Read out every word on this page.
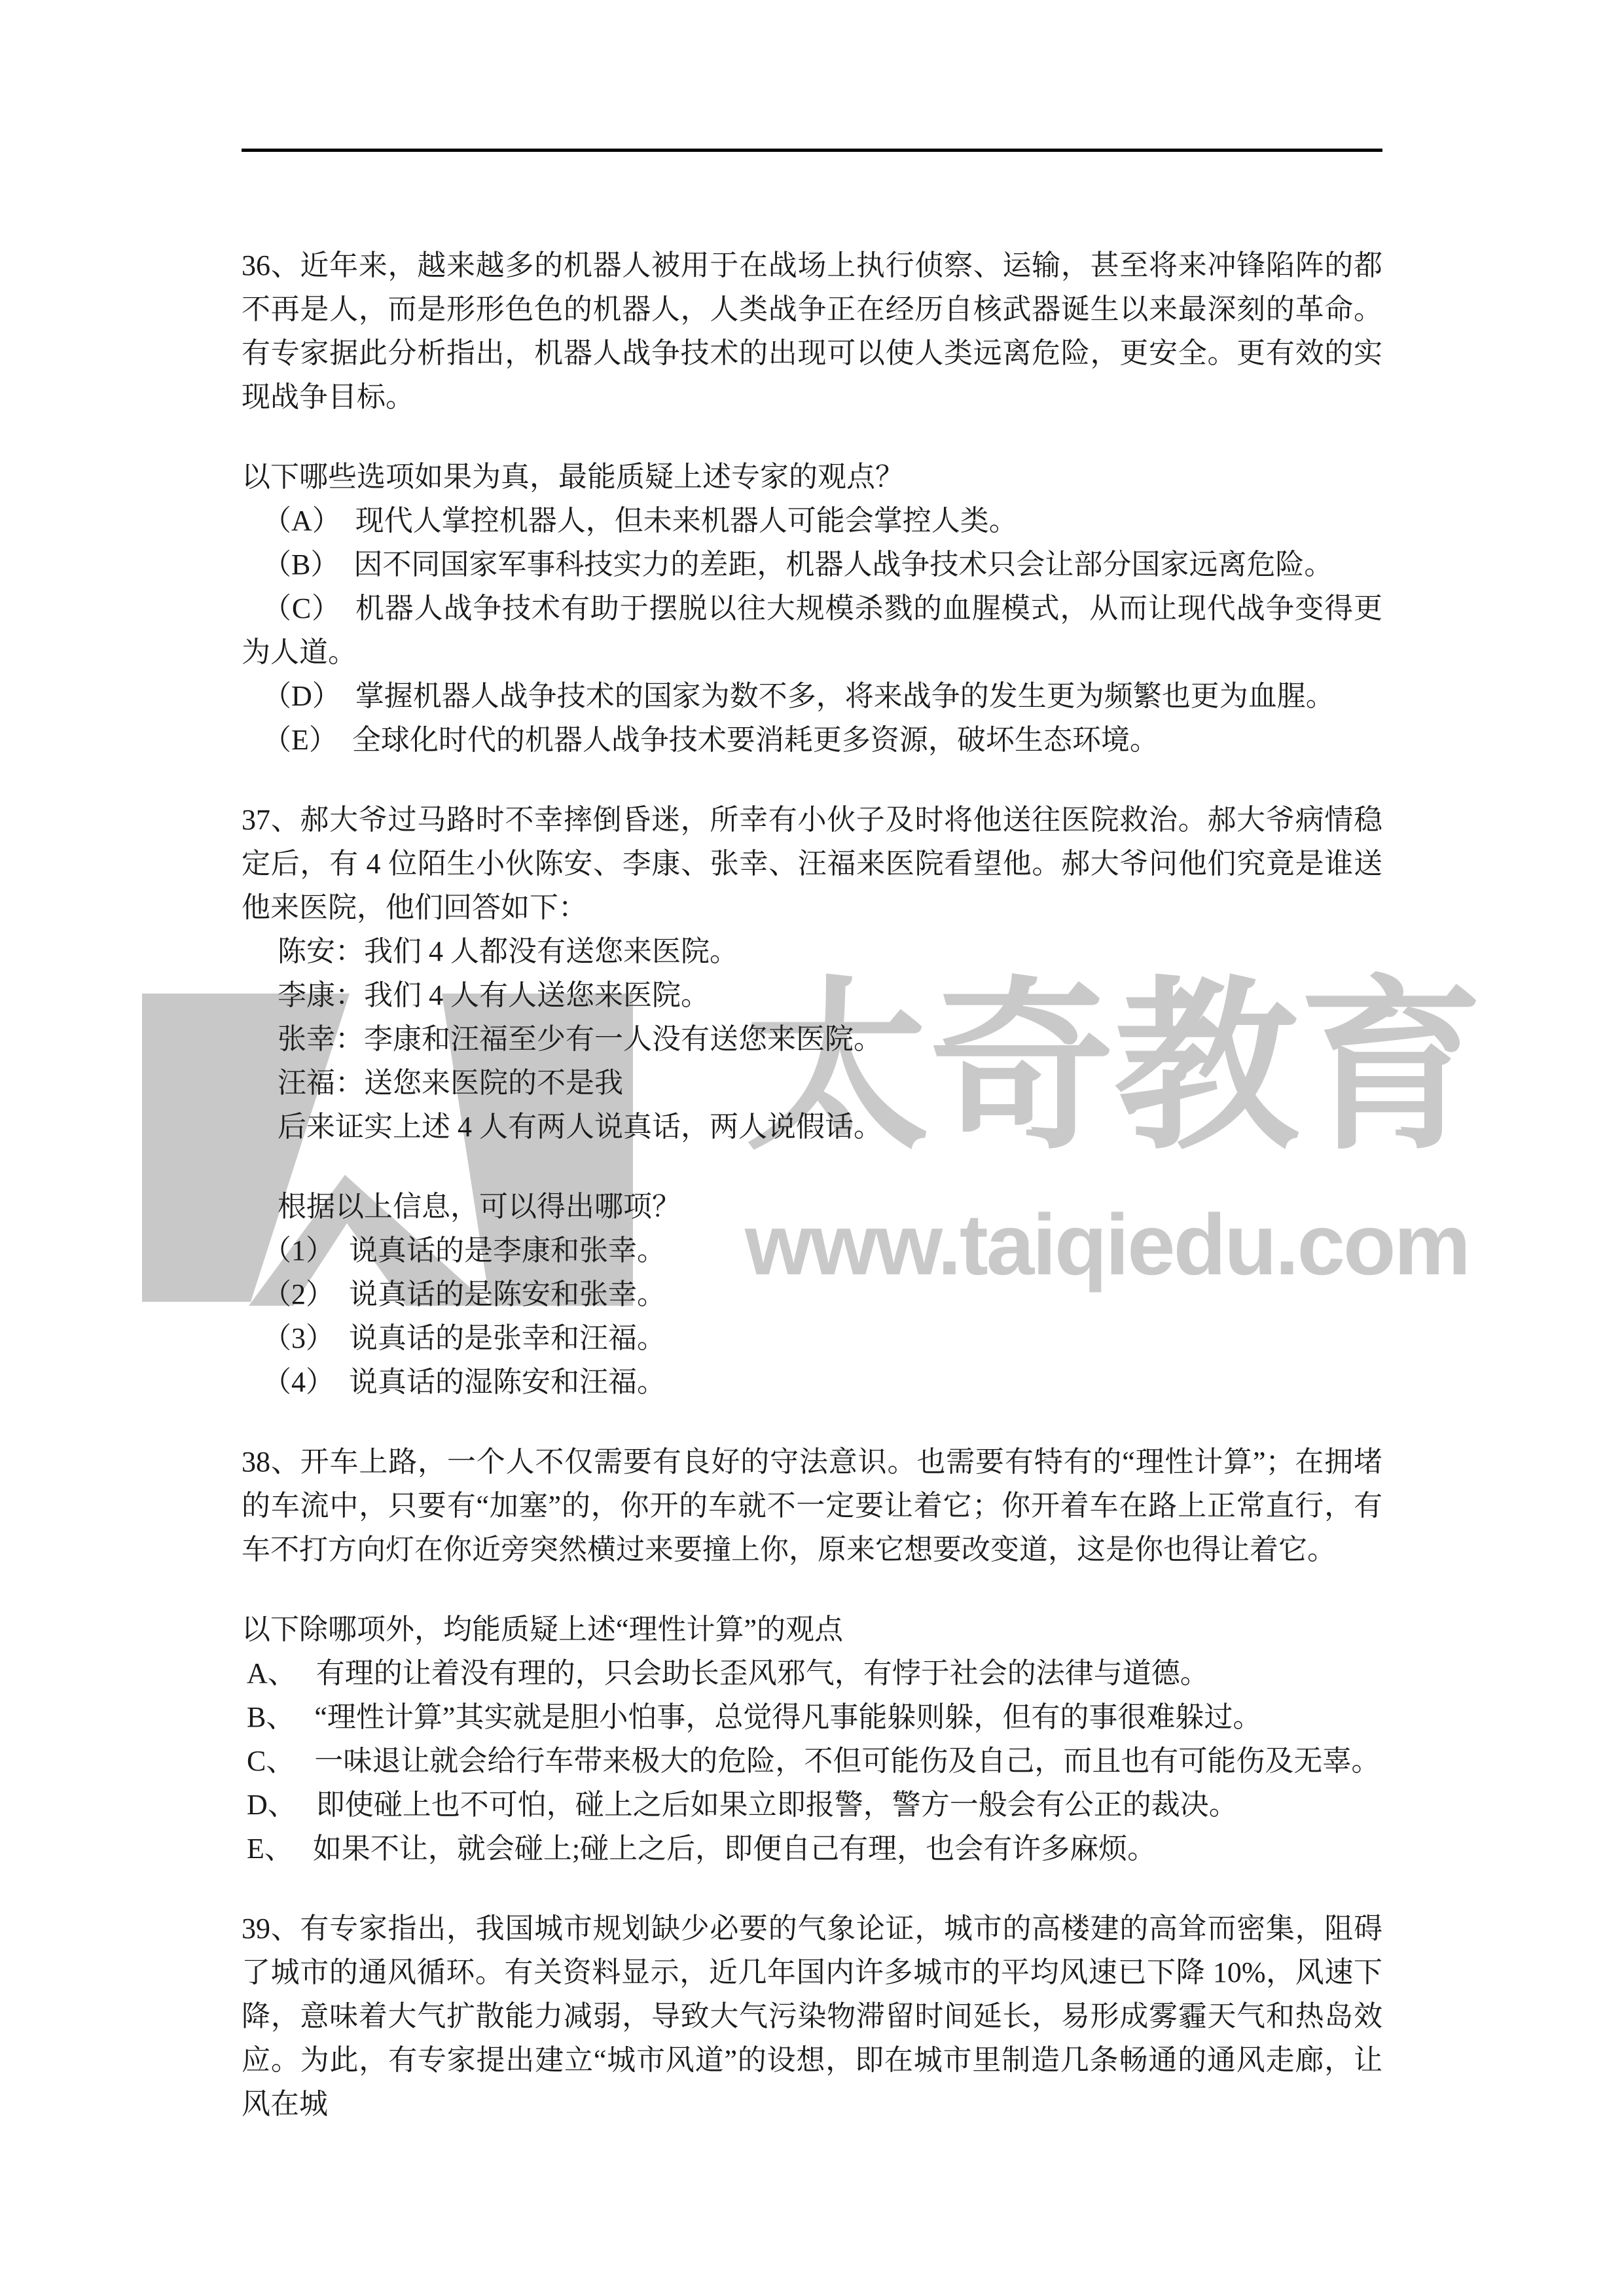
太奇教育
www.taiqiedu.com
36、近年来，越来越多的机器人被用于在战场上执行侦察、运输，甚至将来冲锋陷阵的都不再是人，而是形形色色的机器人，人类战争正在经历自核武器诞生以来最深刻的革命。有专家据此分析指出，机器人战争技术的出现可以使人类远离危险，更安全。更有效的实现战争目标。
以下哪些选项如果为真，最能质疑上述专家的观点？
（A） 现代人掌控机器人，但未来机器人可能会掌控人类。
（B） 因不同国家军事科技实力的差距，机器人战争技术只会让部分国家远离危险。
（C） 机器人战争技术有助于摆脱以往大规模杀戮的血腥模式，从而让现代战争变得更为人道。
（D） 掌握机器人战争技术的国家为数不多，将来战争的发生更为频繁也更为血腥。
（E） 全球化时代的机器人战争技术要消耗更多资源，破坏生态环境。
37、郝大爷过马路时不幸摔倒昏迷，所幸有小伙子及时将他送往医院救治。郝大爷病情稳定后，有 4 位陌生小伙陈安、李康、张幸、汪福来医院看望他。郝大爷问他们究竟是谁送他来医院，他们回答如下：
陈安：我们 4 人都没有送您来医院。
李康：我们 4 人有人送您来医院。
张幸：李康和汪福至少有一人没有送您来医院。
汪福：送您来医院的不是我
后来证实上述 4 人有两人说真话，两人说假话。
根据以上信息，可以得出哪项？
（1） 说真话的是李康和张幸。
（2） 说真话的是陈安和张幸。
（3） 说真话的是张幸和汪福。
（4） 说真话的湿陈安和汪福。
38、开车上路，一个人不仅需要有良好的守法意识。也需要有特有的“理性计算”；在拥堵的车流中，只要有“加塞”的，你开的车就不一定要让着它；你开着车在路上正常直行，有车不打方向灯在你近旁突然横过来要撞上你，原来它想要改变道，这是你也得让着它。
以下除哪项外，均能质疑上述“理性计算”的观点
A、 有理的让着没有理的，只会助长歪风邪气，有悖于社会的法律与道德。
B、 “理性计算”其实就是胆小怕事，总觉得凡事能躲则躲，但有的事很难躲过。
C、 一味退让就会给行车带来极大的危险，不但可能伤及自己，而且也有可能伤及无辜。
D、 即使碰上也不可怕，碰上之后如果立即报警，警方一般会有公正的裁决。
E、 如果不让，就会碰上;碰上之后，即便自己有理，也会有许多麻烦。
39、有专家指出，我国城市规划缺少必要的气象论证，城市的高楼建的高耸而密集，阻碍了城市的通风循环。有关资料显示，近几年国内许多城市的平均风速已下降 10%，风速下降，意味着大气扩散能力减弱，导致大气污染物滞留时间延长，易形成雾霾天气和热岛效应。为此，有专家提出建立“城市风道”的设想，即在城市里制造几条畅通的通风走廊，让风在城
